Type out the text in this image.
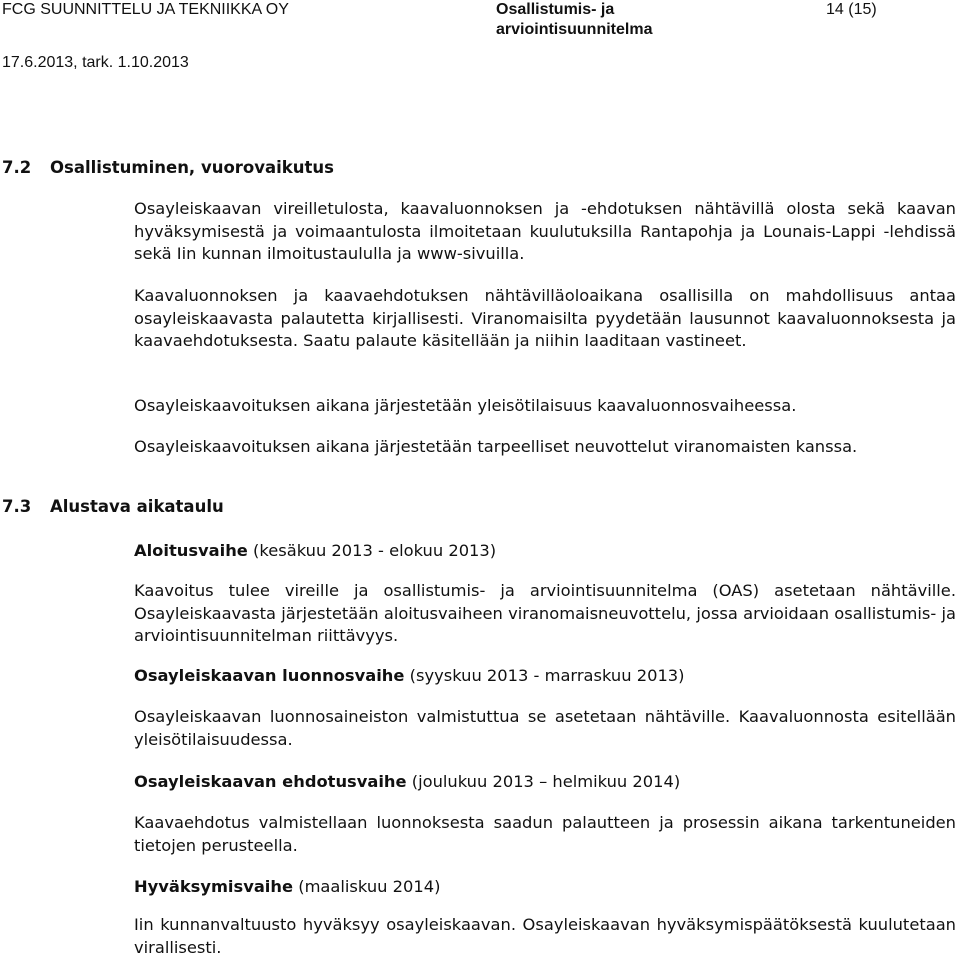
FCG SUUNNITTELU JA TEKNIIKKA OY	Osallistumis- ja arviointisuunnitelma
14 (15)
17.6.2013, tark. 1.10.2013
7.2 Osallistuminen, vuorovaikutus
Osayleiskaavan vireilletulosta, kaavaluonnoksen ja -ehdotuksen nähtävillä olosta sekä kaavan hyväksymisestä ja voimaantulosta ilmoitetaan kuulutuksilla Rantapohja ja Lounais-Lappi -lehdissä sekä Iin kunnan ilmoitustaululla ja www-sivuilla.
Kaavaluonnoksen ja kaavaehdotuksen nähtävilläoloaikana osallisilla on mahdollisuus antaa osayleiskaavasta palautetta kirjallisesti. Viranomaisilta pyydetään lausunnot kaavaluonnoksesta ja kaavaehdotuksesta. Saatu palaute käsitellään ja niihin laaditaan vastineet.
Osayleiskaavoituksen aikana järjestetään yleisötilaisuus kaavaluonnosvaiheessa.
Osayleiskaavoituksen aikana järjestetään tarpeelliset neuvottelut viranomaisten kanssa.
7.3 Alustava aikataulu
Aloitusvaihe (kesäkuu 2013 - elokuu 2013)
Kaavoitus tulee vireille ja osallistumis- ja arviointisuunnitelma (OAS) asetetaan nähtäville. Osayleiskaavasta järjestetään aloitusvaiheen viranomaisneuvottelu, jossa arvioidaan osallistumis- ja arviointisuunnitelman riittävyys.
Osayleiskaavan luonnosvaihe (syyskuu 2013 - marraskuu 2013)
Osayleiskaavan luonnosaineiston valmistuttua se asetetaan nähtäville. Kaavaluonnosta esitellään yleisötilaisuudessa.
Osayleiskaavan ehdotusvaihe (joulukuu 2013 – helmikuu 2014)
Kaavaehdotus valmistellaan luonnoksesta saadun palautteen ja prosessin aikana tarkentuneiden tietojen perusteella.
Hyväksymisvaihe (maaliskuu 2014)
Iin kunnanvaltuusto hyväksyy osayleiskaavan. Osayleiskaavan hyväksymispäätöksestä kuulutetaan virallisesti.
